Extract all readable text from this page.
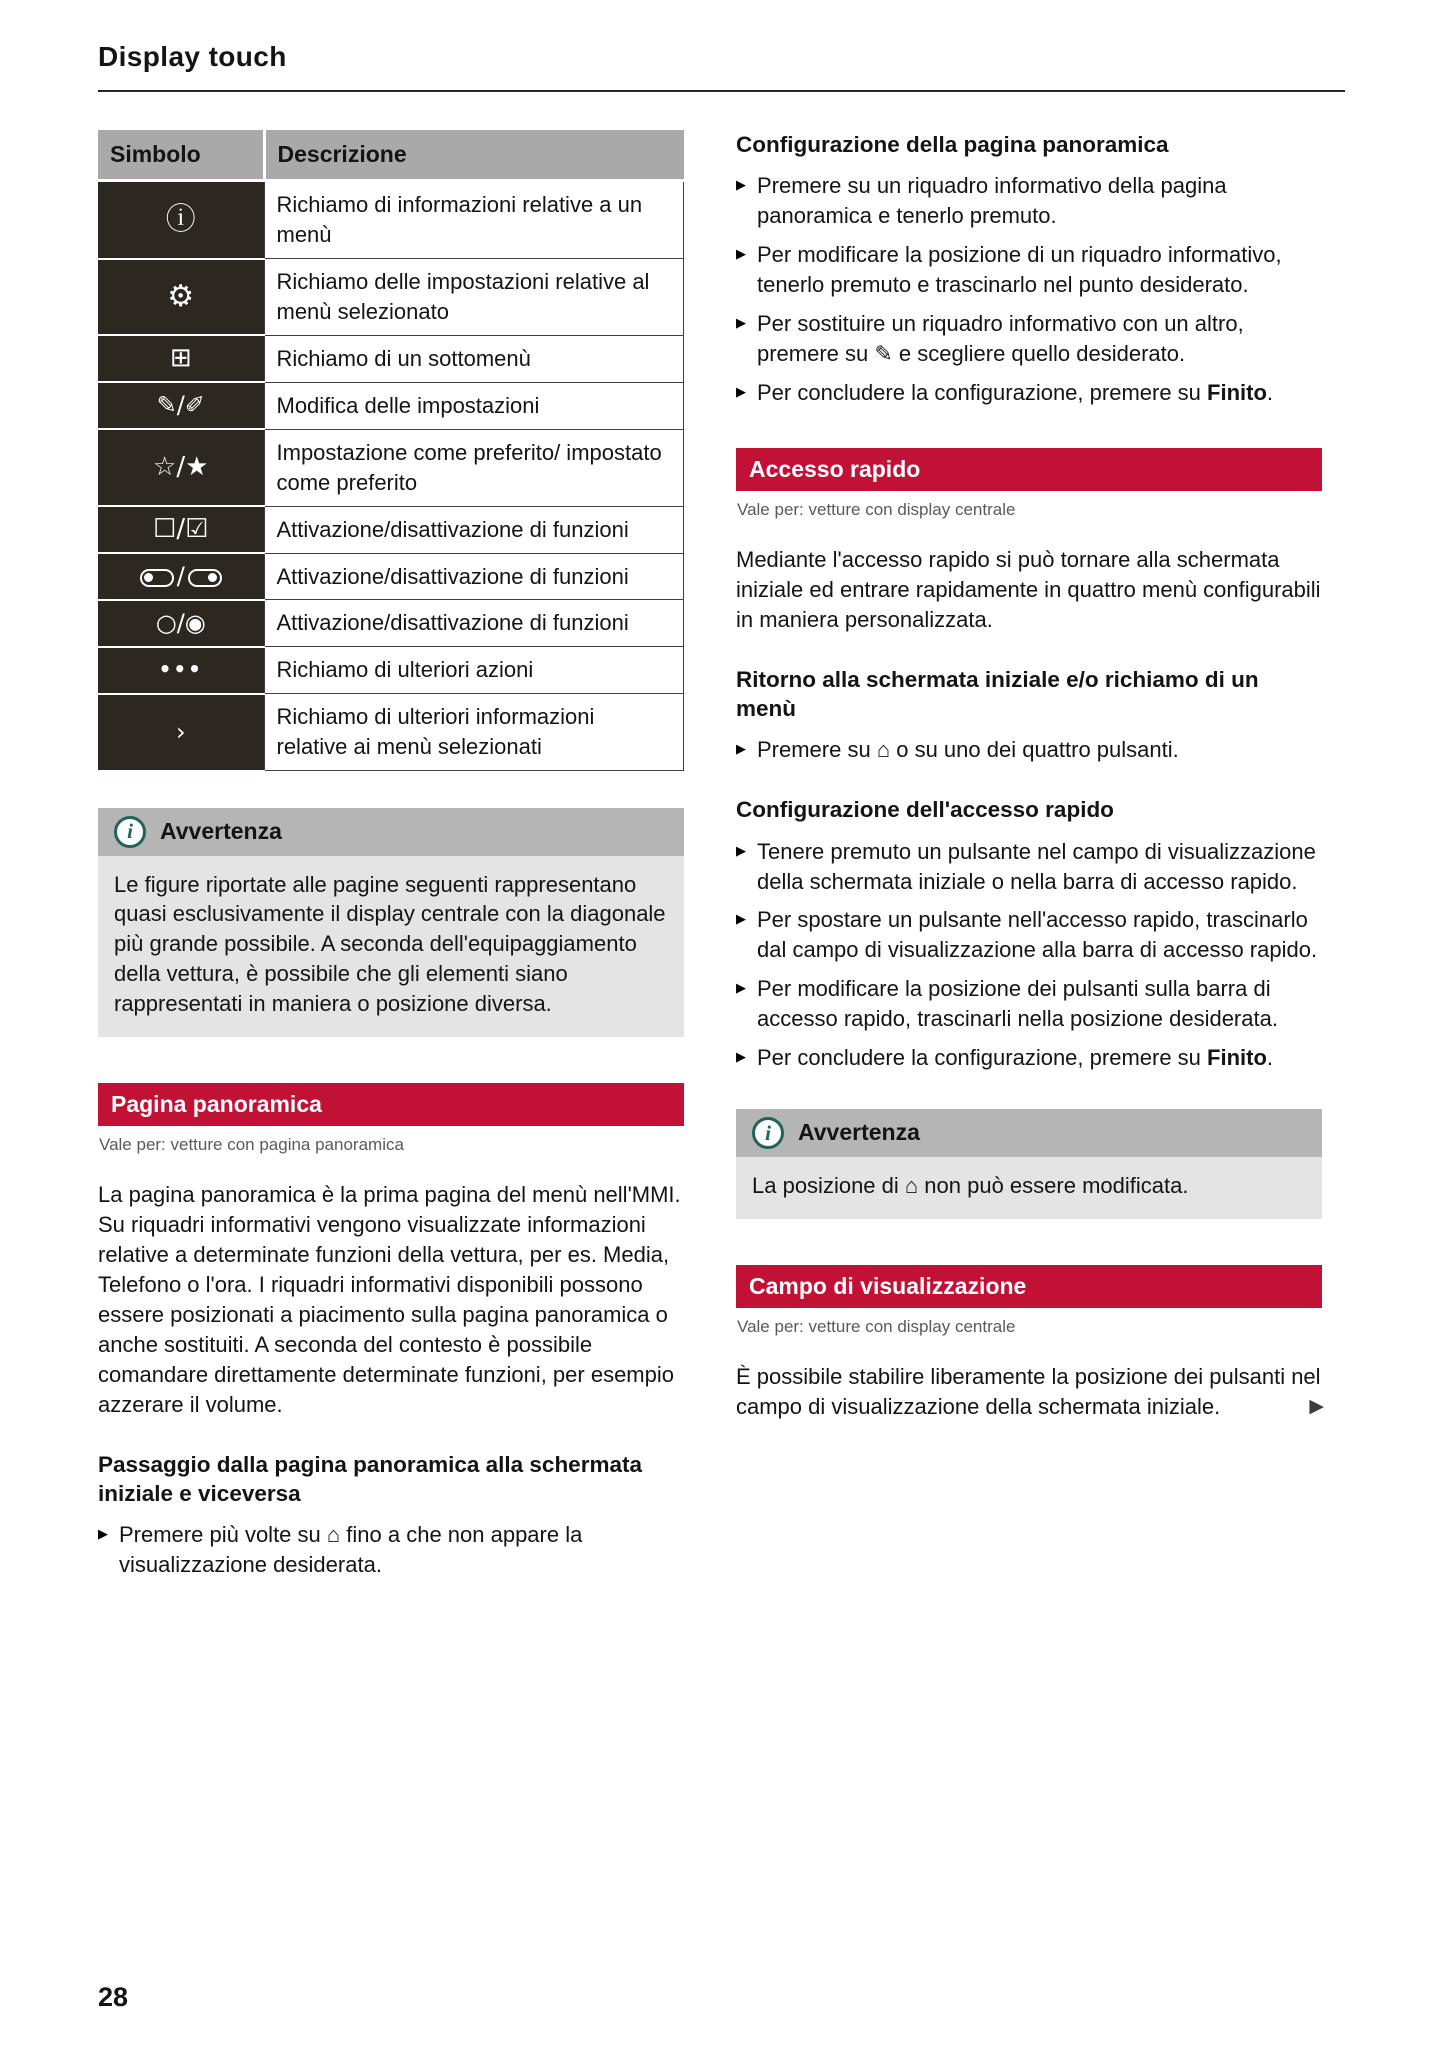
Display touch
Simbolo	Descrizione
ⓘ	Richiamo di informazioni relative a un menù
⚙	Richiamo delle impostazioni relative al menù selezionato
⊞	Richiamo di un sottomenù
✎/✐	Modifica delle impostazioni
☆/★	Impostazione come preferito/ impostato come preferito
☐/☑	Attivazione/disattivazione di funzioni

/	Attivazione/disattivazione di funzioni
○/◉	Attivazione/disattivazione di funzioni
•••	Richiamo di ulteriori azioni
›	Richiamo di ulteriori informazioni relative ai menù selezionati
i	Avvertenza
Le figure riportate alle pagine seguenti rappresentano quasi esclusivamente il display centrale con la diagonale più grande possibile. A seconda dell'equipaggiamento della vettura, è possibile che gli elementi siano rappresentati in maniera o posizione diversa.
Pagina panoramica
Vale per: vetture con pagina panoramica

La pagina panoramica è la prima pagina del menù nell'MMI. Su riquadri informativi vengono visualizzate informazioni relative a determinate funzioni della vettura, per es. Media, Telefono o l'ora. I riquadri informativi disponibili possono essere posizionati a piacimento sulla pagina panoramica o anche sostituiti. A seconda del contesto è possibile comandare direttamente determinate funzioni, per esempio azzerare il volume.

Passaggio dalla pagina panoramica alla schermata iniziale e viceversa
▶ Premere più volte su ⌂ fino a che non appare la visualizzazione desiderata.
Configurazione della pagina panoramica
▶ Premere su un riquadro informativo della pagina panoramica e tenerlo premuto.
▶ Per modificare la posizione di un riquadro informativo, tenerlo premuto e trascinarlo nel punto desiderato.
▶ Per sostituire un riquadro informativo con un altro, premere su ✎ e scegliere quello desiderato.
▶ Per concludere la configurazione, premere su Finito.
Accesso rapido
Vale per: vetture con display centrale

Mediante l'accesso rapido si può tornare alla schermata iniziale ed entrare rapidamente in quattro menù configurabili in maniera personalizzata.

Ritorno alla schermata iniziale e/o richiamo di un menù
▶ Premere su ⌂ o su uno dei quattro pulsanti.
Configurazione dell'accesso rapido
▶ Tenere premuto un pulsante nel campo di visualizzazione della schermata iniziale o nella barra di accesso rapido.
▶ Per spostare un pulsante nell'accesso rapido, trascinarlo dal campo di visualizzazione alla barra di accesso rapido.
▶ Per modificare la posizione dei pulsanti sulla barra di accesso rapido, trascinarli nella posizione desiderata.
▶ Per concludere la configurazione, premere su Finito.
i	Avvertenza
La posizione di ⌂ non può essere modificata.
Campo di visualizzazione
Vale per: vetture con display centrale

È possibile stabilire liberamente la posizione dei pulsanti nel campo di visualizzazione della schermata iniziale.	▶
28
